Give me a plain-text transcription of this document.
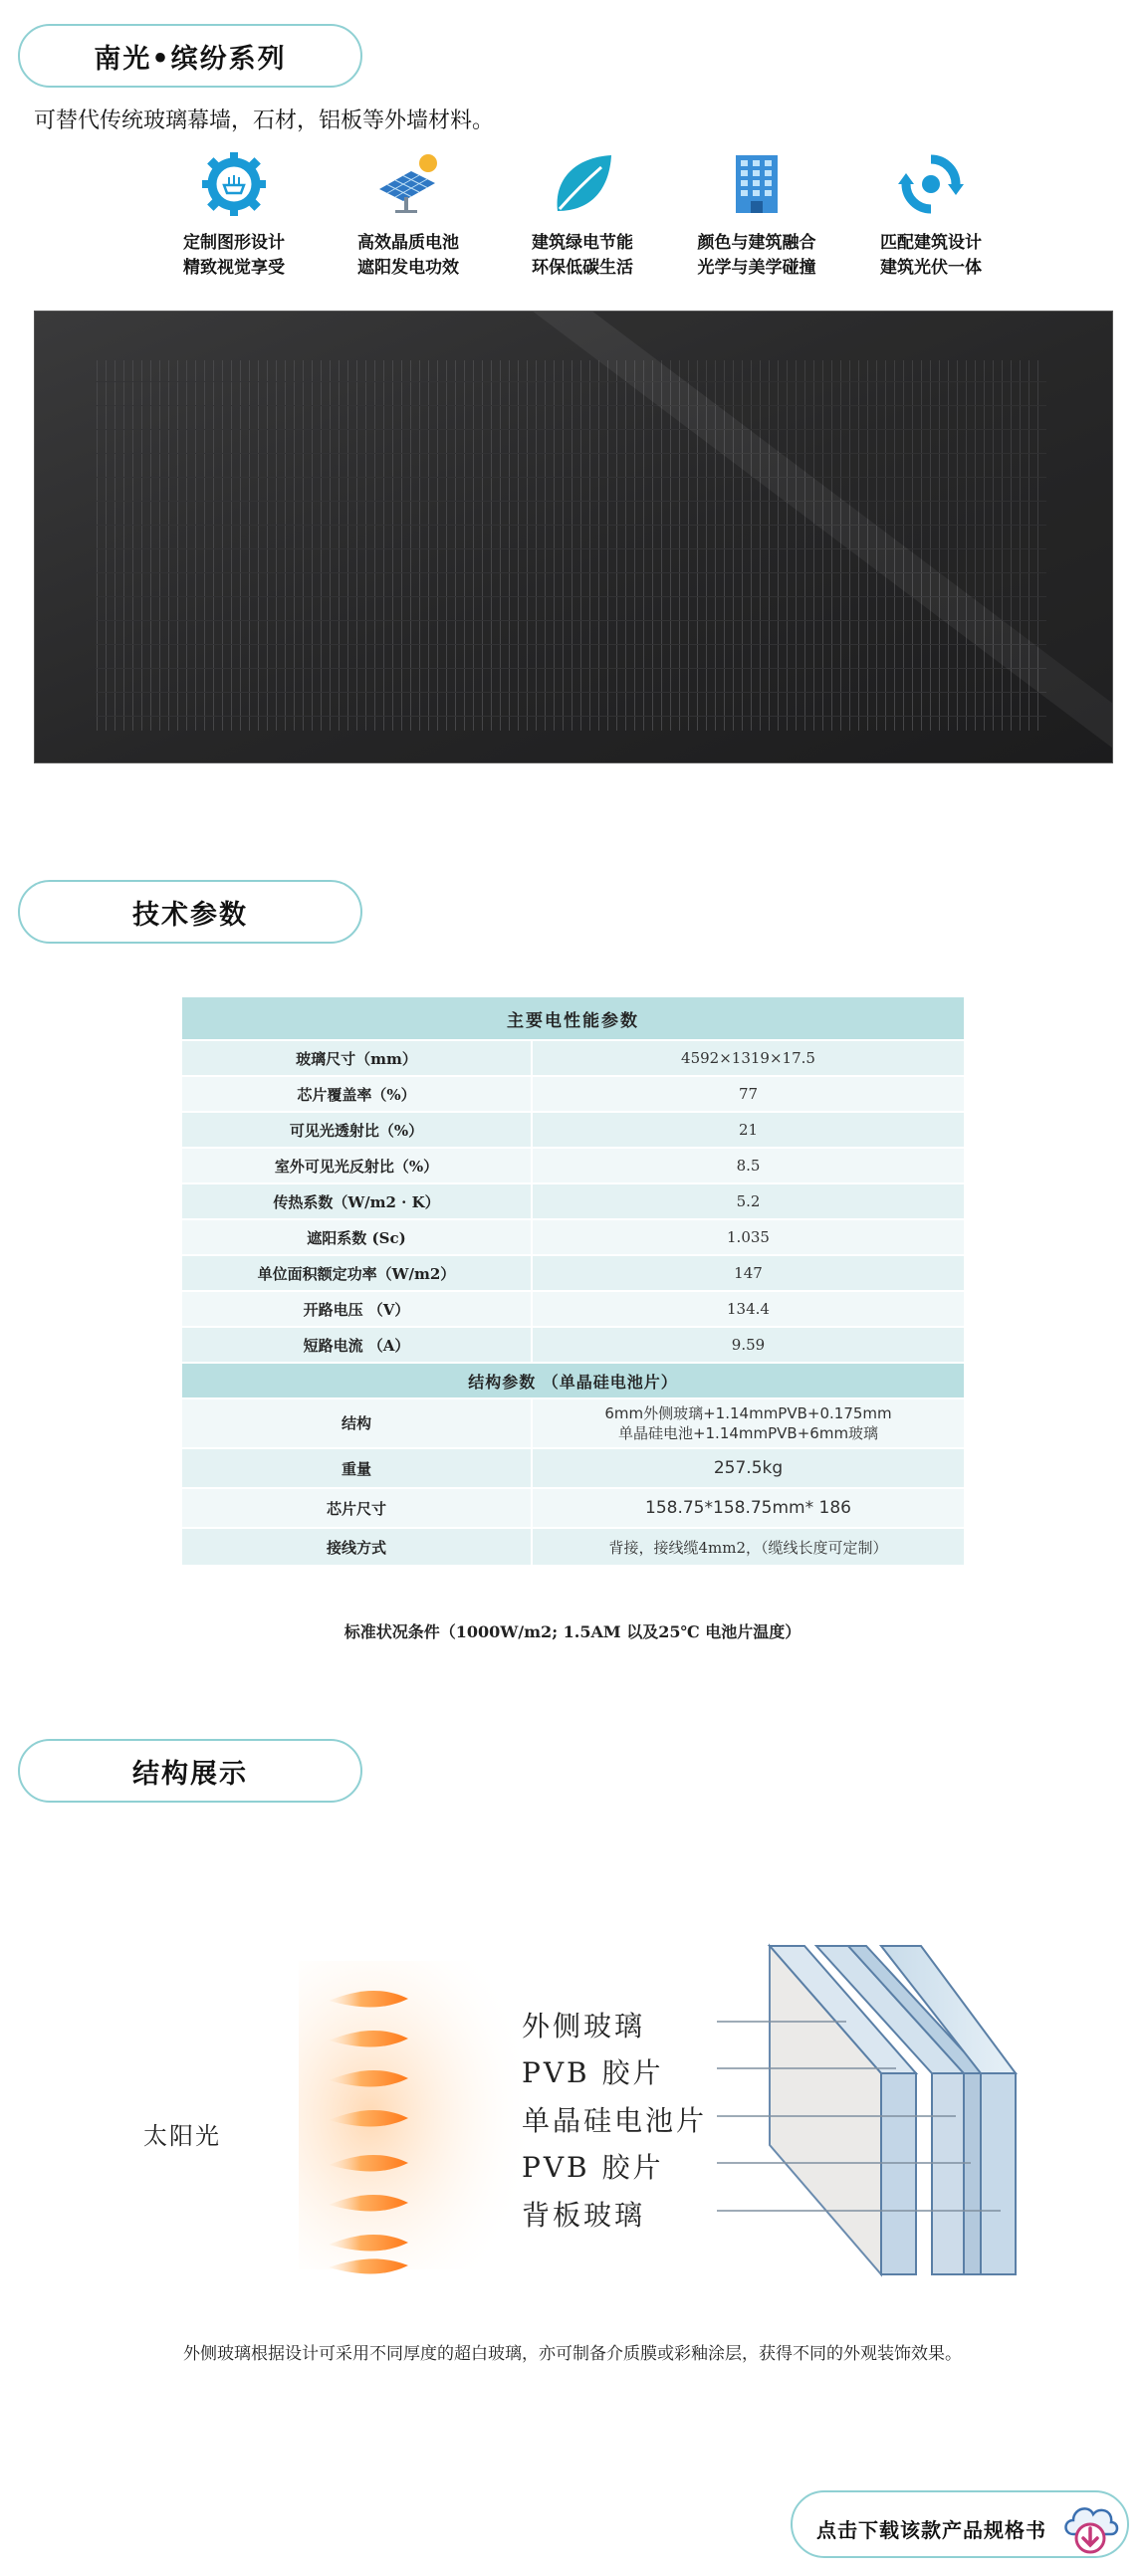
南光•缤纷系列
可替代传统玻璃幕墙，石材，铝板等外墙材料。
定制图形设计
精致视觉享受
高效晶质电池
遮阳发电功效
建筑绿电节能
环保低碳生活
颜色与建筑融合
光学与美学碰撞
匹配建筑设计
建筑光伏一体
技术参数
主要电性能参数	
玻璃尺寸（mm）	4592×1319×17.5
芯片覆盖率（%）	77
可见光透射比（%）	21
室外可见光反射比（%）	8.5
传热系数（W/m2 · K）	5.2
遮阳系数 (Sc)	1.035
单位面积额定功率（W/m2）	147
开路电压 （V）	134.4
短路电流 （A）	9.59
结构参数 （单晶硅电池片）	
结构	6mm外侧玻璃+1.14mmPVB+0.175mm
单晶硅电池+1.14mmPVB+6mm玻璃

重量	257.5kg
芯片尺寸	158.75*158.75mm* 186
接线方式	背接，接线缆4mm2，（缆线长度可定制）
标准状况条件（1000W/m2; 1.5AM 以及25℃ 电池片温度）
结构展示
太阳光
外侧玻璃
PVB 胶片
单晶硅电池片
PVB 胶片
背板玻璃
外侧玻璃根据设计可采用不同厚度的超白玻璃，亦可制备介质膜或彩釉涂层，获得不同的外观装饰效果。
点击下载该款产品规格书
